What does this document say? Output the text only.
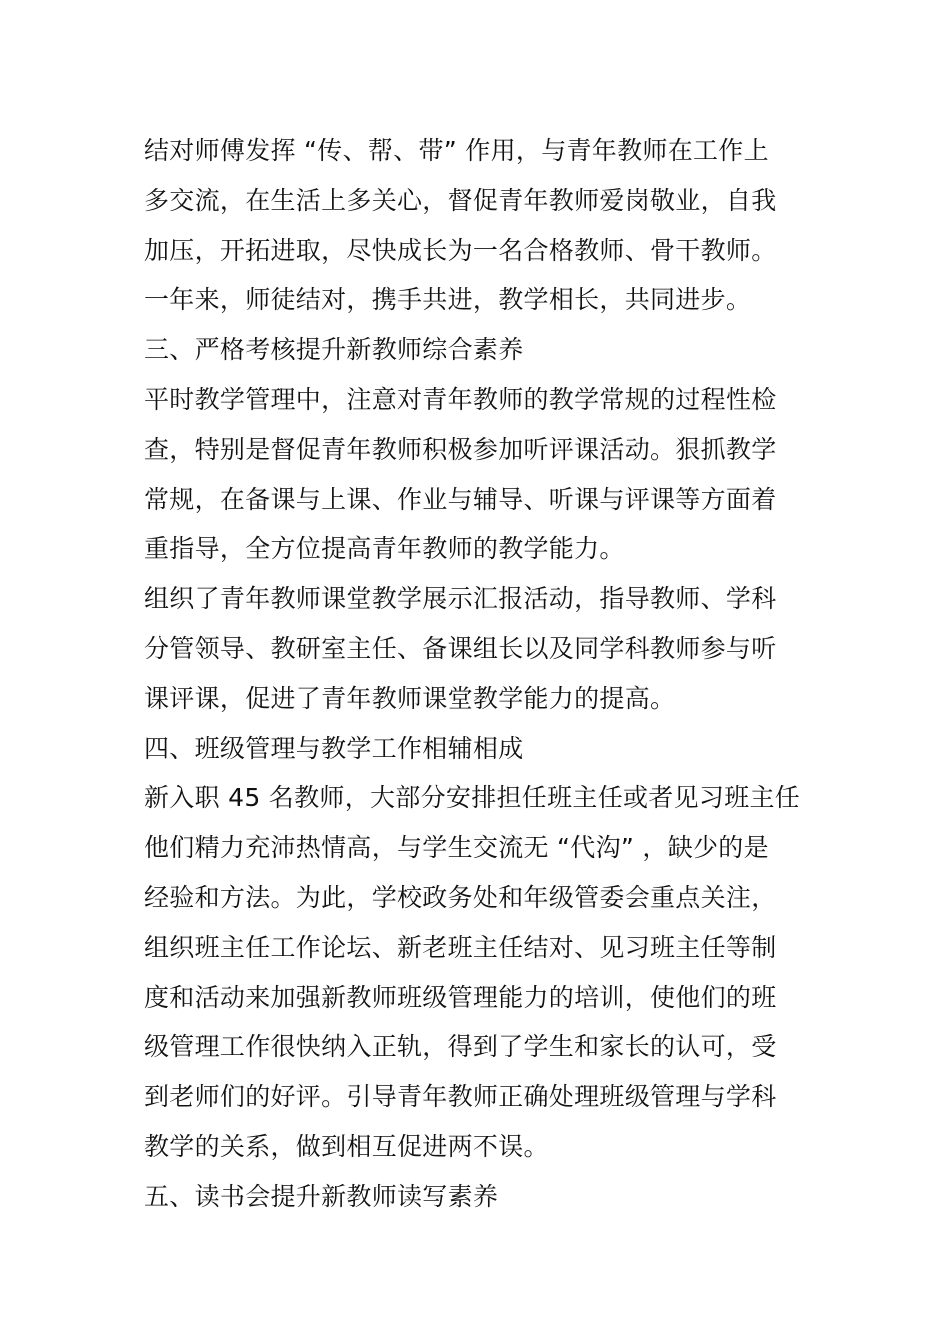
结对师傅发挥 “传、帮、带” 作用，与青年教师在工作上
多交流，在生活上多关心，督促青年教师爱岗敬业，自我
加压，开拓进取，尽快成长为一名合格教师、骨干教师。
一年来，师徒结对，携手共进，教学相长，共同进步。
三、严格考核提升新教师综合素养
平时教学管理中，注意对青年教师的教学常规的过程性检
查，特别是督促青年教师积极参加听评课活动。狠抓教学
常规，在备课与上课、作业与辅导、听课与评课等方面着
重指导，全方位提高青年教师的教学能力。
组织了青年教师课堂教学展示汇报活动，指导教师、学科
分管领导、教研室主任、备课组长以及同学科教师参与听
课评课，促进了青年教师课堂教学能力的提高。
四、班级管理与教学工作相辅相成
新入职 45 名教师，大部分安排担任班主任或者见习班主任
他们精力充沛热情高，与学生交流无 “代沟” ，缺少的是
经验和方法。为此，学校政务处和年级管委会重点关注，
组织班主任工作论坛、新老班主任结对、见习班主任等制
度和活动来加强新教师班级管理能力的培训，使他们的班
级管理工作很快纳入正轨，得到了学生和家长的认可，受
到老师们的好评。引导青年教师正确处理班级管理与学科
教学的关系，做到相互促进两不误。
五、读书会提升新教师读写素养
